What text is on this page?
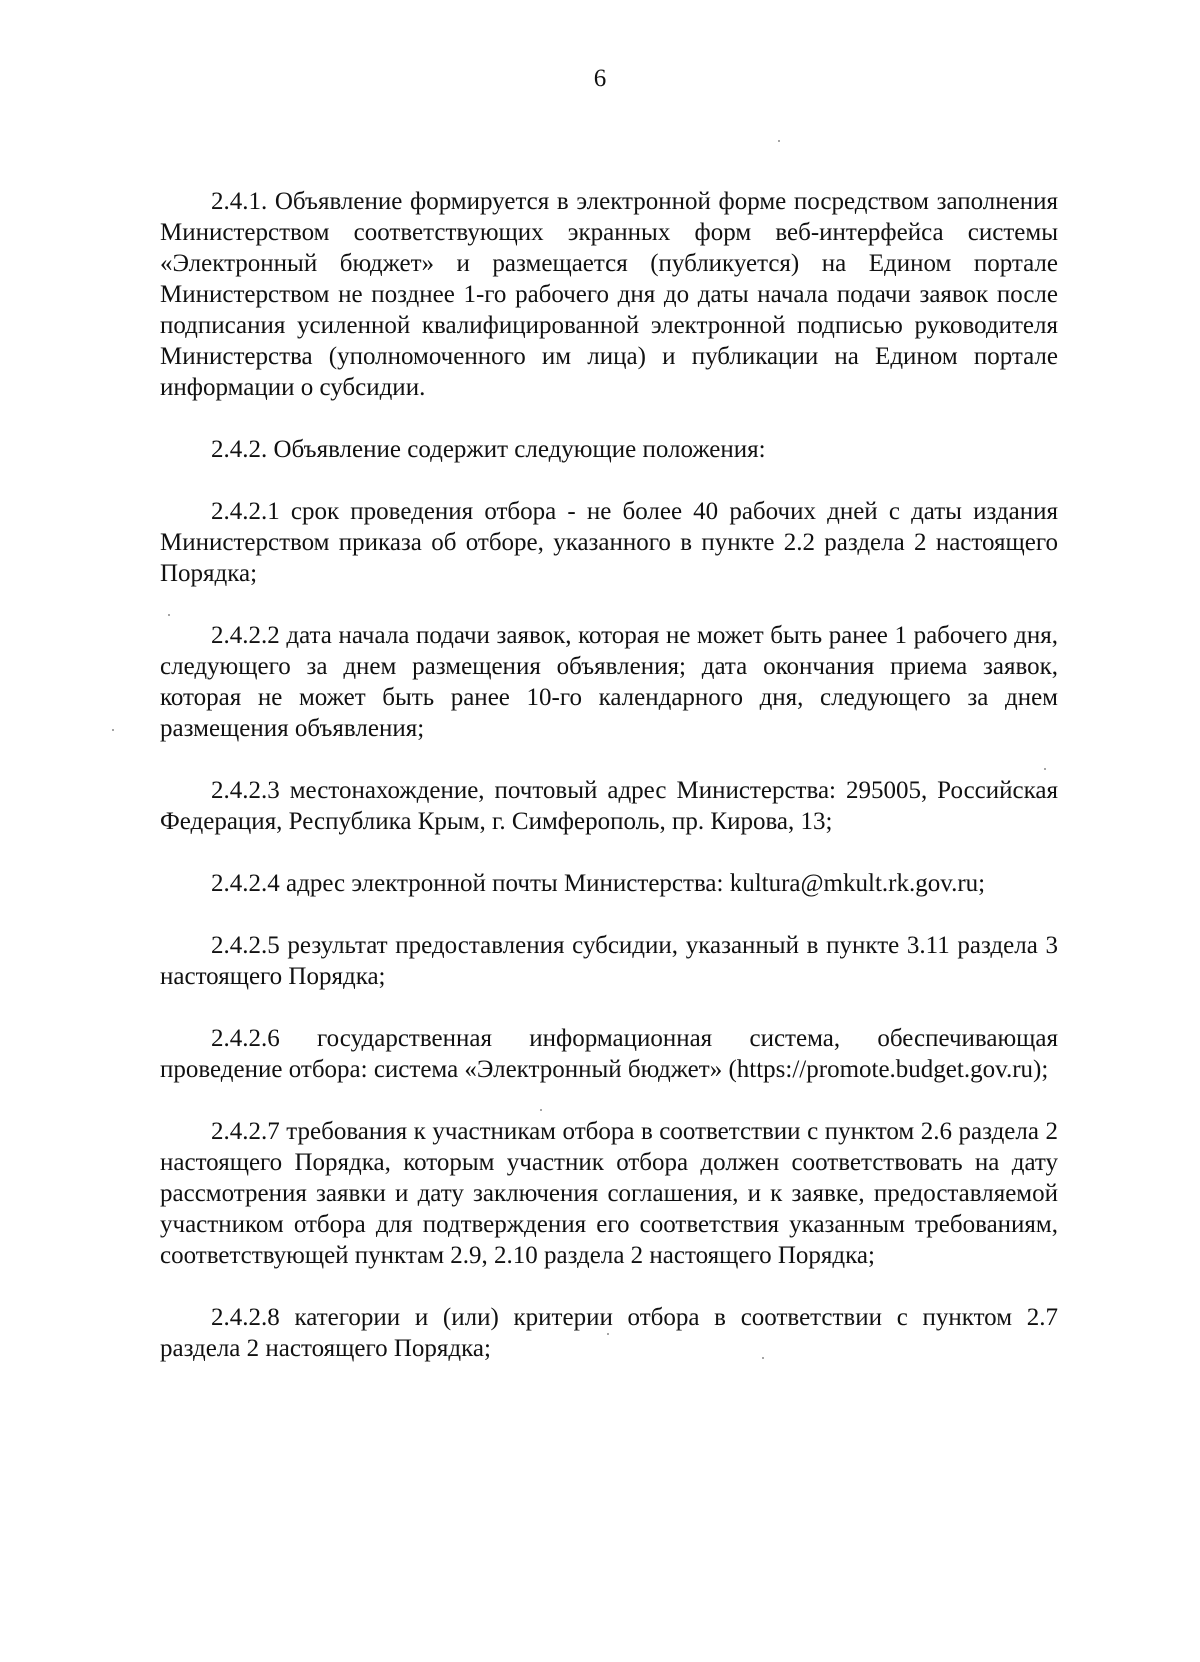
6

2.4.1. Объявление формируется в электронной форме посредством заполнения Министерством соответствующих экранных форм веб-интерфейса системы «Электронный бюджет» и размещается (публикуется) на Едином портале Министерством не позднее 1-го рабочего дня до даты начала подачи заявок после подписания усиленной квалифицированной электронной подписью руководителя Министерства (уполномоченного им лица) и публикации на Едином портале информации о субсидии.

2.4.2. Объявление содержит следующие положения:

2.4.2.1 срок проведения отбора - не более 40 рабочих дней с даты издания Министерством приказа об отборе, указанного в пункте 2.2 раздела 2 настоящего Порядка;

2.4.2.2 дата начала подачи заявок, которая не может быть ранее 1 рабочего дня, следующего за днем размещения объявления; дата окончания приема заявок, которая не может быть ранее 10-го календарного дня, следующего за днем размещения объявления;

2.4.2.3 местонахождение, почтовый адрес Министерства: 295005, Российская Федерация, Республика Крым, г. Симферополь, пр. Кирова, 13;

2.4.2.4 адрес электронной почты Министерства: kultura@mkult.rk.gov.ru;

2.4.2.5 результат предоставления субсидии, указанный в пункте 3.11 раздела 3 настоящего Порядка;

2.4.2.6 государственная информационная система, обеспечивающая проведение отбора: система «Электронный бюджет» (https://promote.budget.gov.ru);

2.4.2.7 требования к участникам отбора в соответствии с пунктом 2.6 раздела 2 настоящего Порядка, которым участник отбора должен соответствовать на дату рассмотрения заявки и дату заключения соглашения, и к заявке, предоставляемой участником отбора для подтверждения его соответствия указанным требованиям, соответствующей пунктам 2.9, 2.10 раздела 2 настоящего Порядка;

2.4.2.8 категории и (или) критерии отбора в соответствии с пунктом 2.7 раздела 2 настоящего Порядка;
